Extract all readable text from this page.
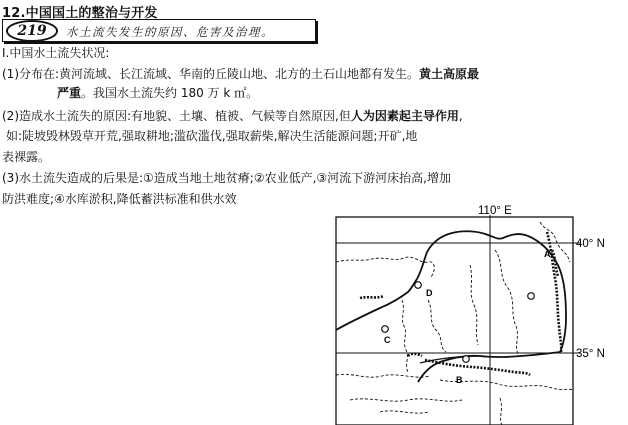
12.中国国土的整治与开发
219	水土流失发生的原因、危害及治理。
Ⅰ.中国水土流失状况:
(1)分布在:黄河流域、长江流域、华南的丘陵山地、北方的土石山地都有发生。黄土高原最
严重。我国水土流失约 180 万 k ㎡。
(2)造成水土流失的原因:有地貌、土壤、植被、气候等自然原因,但人为因素起主导作用,
如:陡坡毁林毁草开荒,强取耕地;滥砍滥伐,强取薪柴,解决生活能源问题;开矿,地
表裸露。
(3)水土流失造成的后果是:①造成当地土地贫瘠;②农业低产,③河流下游河床抬高,增加
防洪难度;④水库淤积,降低蓄洪标准和供水效
110° E
40° N
35° N
A
B
C
D
